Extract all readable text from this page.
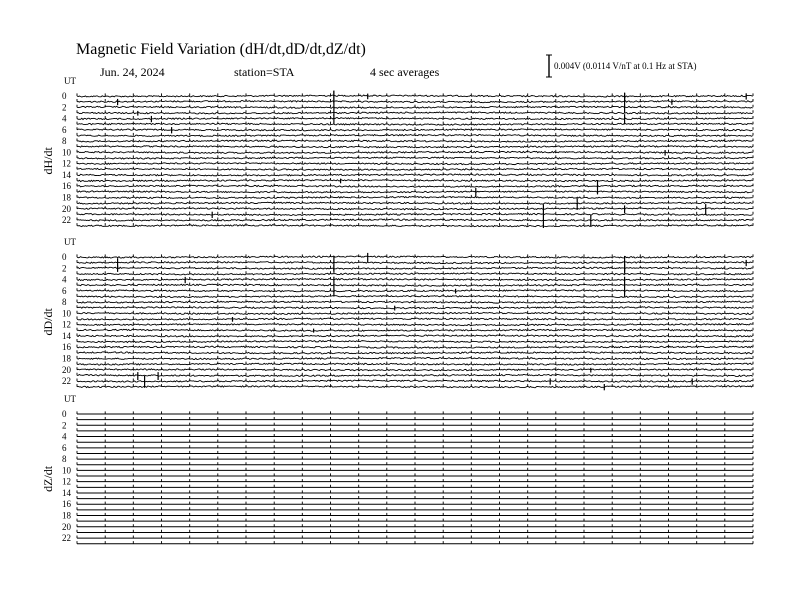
Magnetic Field Variation (dH/dt,dD/dt,dZ/dt)
Jun. 24, 2024	station=STA	4 sec averages	0.004V (0.0114 V/nT at 0.1 Hz at STA)
UT
dH/dt
0
2
4
6
8
10
12
14
16
18
20
22
UT
dD/dt
0
2
4
6
8
10
12
14
16
18
20
22
UT
dZ/dt
0
2
4
6
8
10
12
14
16
18
20
22
